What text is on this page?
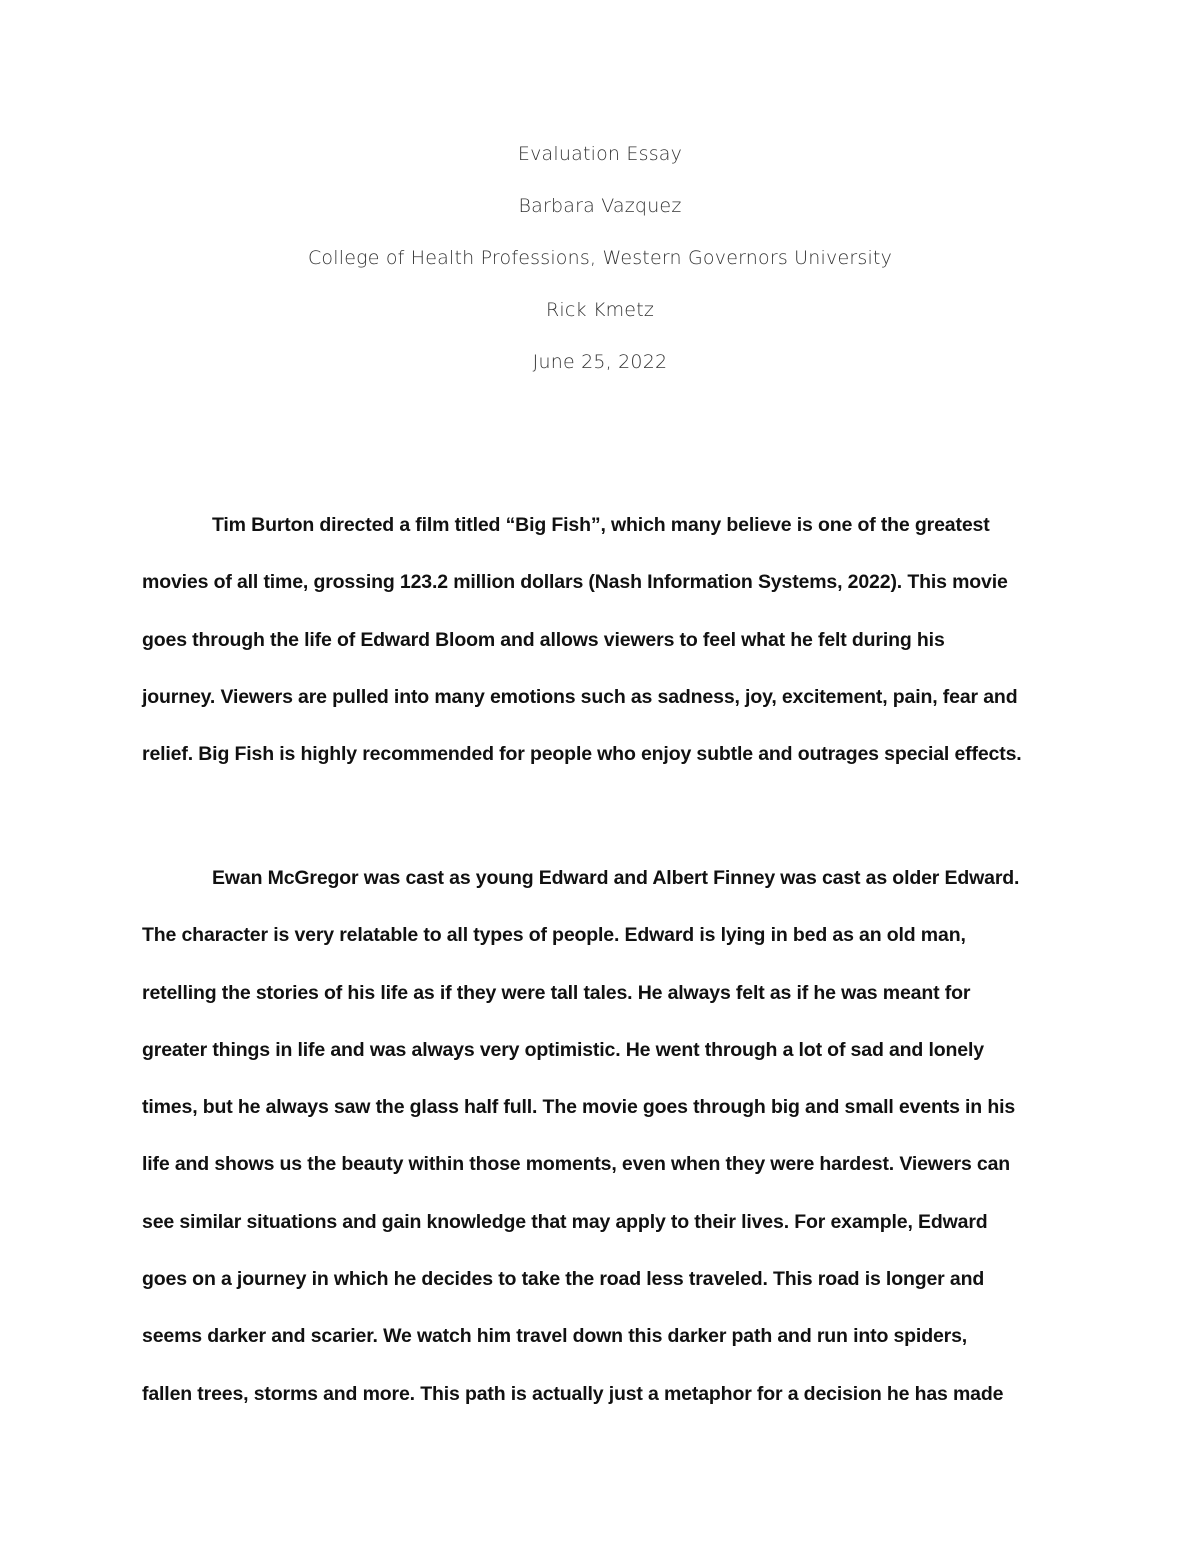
Evaluation Essay
Barbara Vazquez
College of Health Professions, Western Governors University
Rick Kmetz
June 25, 2022
Tim Burton directed a film titled “Big Fish”, which many believe is one of the greatest
movies of all time, grossing 123.2 million dollars (Nash Information Systems, 2022). This movie
goes through the life of Edward Bloom and allows viewers to feel what he felt during his
journey. Viewers are pulled into many emotions such as sadness, joy, excitement, pain, fear and
relief. Big Fish is highly recommended for people who enjoy subtle and outrages special effects.
Ewan McGregor was cast as young Edward and Albert Finney was cast as older Edward.
The character is very relatable to all types of people. Edward is lying in bed as an old man,
retelling the stories of his life as if they were tall tales. He always felt as if he was meant for
greater things in life and was always very optimistic. He went through a lot of sad and lonely
times, but he always saw the glass half full. The movie goes through big and small events in his
life and shows us the beauty within those moments, even when they were hardest. Viewers can
see similar situations and gain knowledge that may apply to their lives. For example, Edward
goes on a journey in which he decides to take the road less traveled. This road is longer and
seems darker and scarier. We watch him travel down this darker path and run into spiders,
fallen trees, storms and more. This path is actually just a metaphor for a decision he has made
